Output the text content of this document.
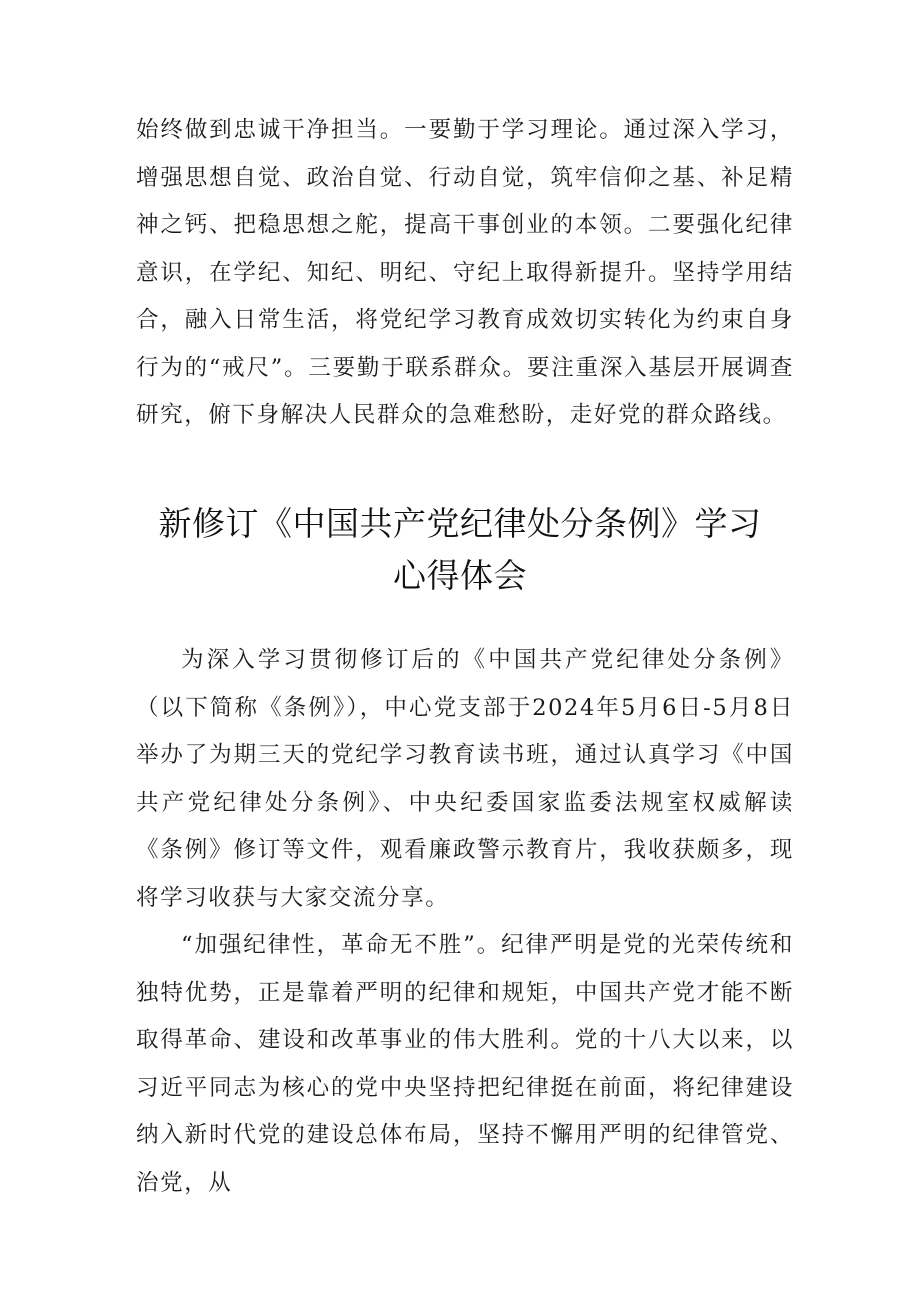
始终做到忠诚干净担当。一要勤于学习理论。通过深入学习，增强思想自觉、政治自觉、行动自觉，筑牢信仰之基、补足精神之钙、把稳思想之舵，提高干事创业的本领。二要强化纪律意识，在学纪、知纪、明纪、守纪上取得新提升。坚持学用结合，融入日常生活，将党纪学习教育成效切实转化为约束自身行为的“戒尺”。三要勤于联系群众。要注重深入基层开展调查研究，俯下身解决人民群众的急难愁盼，走好党的群众路线。

新修订《中国共产党纪律处分条例》学习
心得体会

为深入学习贯彻修订后的《中国共产党纪律处分条例》（以下简称《条例》），中心党支部于2024年5月6日-5月8日举办了为期三天的党纪学习教育读书班，通过认真学习《中国共产党纪律处分条例》、中央纪委国家监委法规室权威解读《条例》修订等文件，观看廉政警示教育片，我收获颇多，现将学习收获与大家交流分享。

“加强纪律性，革命无不胜”。纪律严明是党的光荣传统和独特优势，正是靠着严明的纪律和规矩，中国共产党才能不断取得革命、建设和改革事业的伟大胜利。党的十八大以来，以习近平同志为核心的党中央坚持把纪律挺在前面，将纪律建设纳入新时代党的建设总体布局，坚持不懈用严明的纪律管党、治党，从
